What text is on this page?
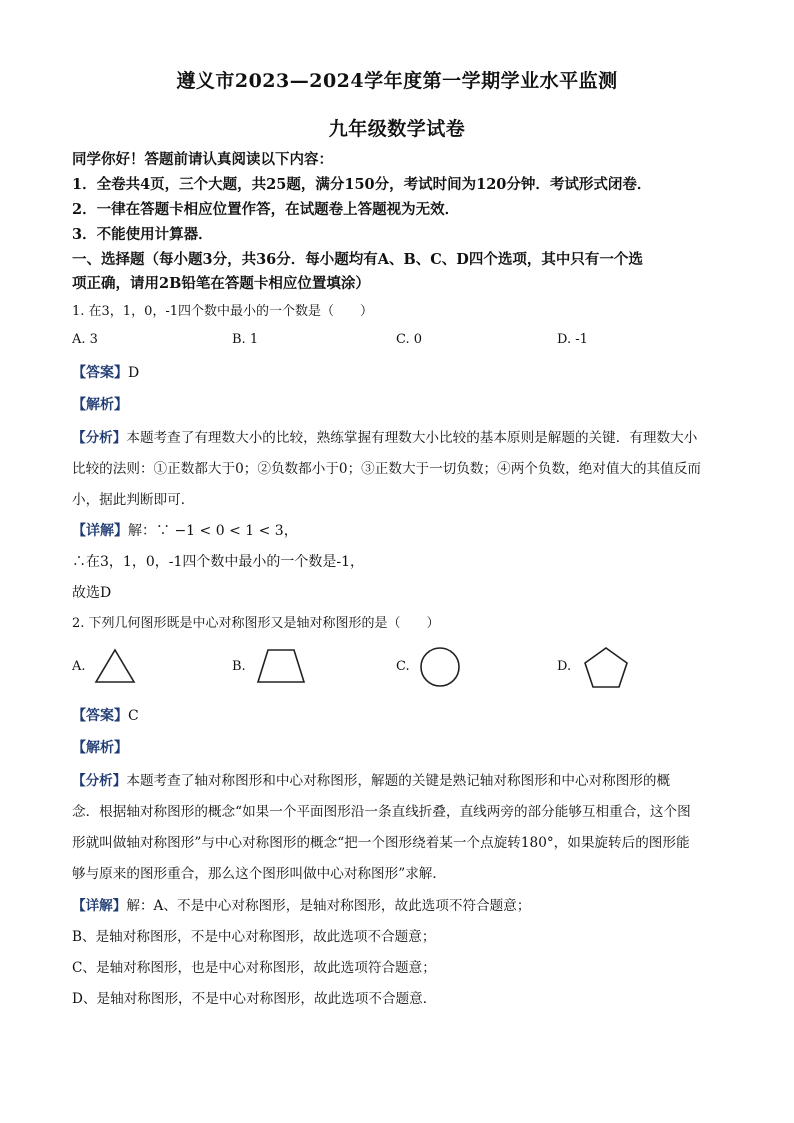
遵义市2023—2024学年度第一学期学业水平监测
九年级数学试卷
同学你好！答题前请认真阅读以下内容：
1．全卷共4页，三个大题，共25题，满分150分，考试时间为120分钟．考试形式闭卷．
2．一律在答题卡相应位置作答，在试题卷上答题视为无效．
3．不能使用计算器．
一、选择题（每小题3分，共36分．每小题均有A、B、C、D四个选项，其中只有一个选
项正确，请用2B铅笔在答题卡相应位置填涂）
1. 在3，1，0，-1四个数中最小的一个数是（　　）
A. 3	B. 1	C. 0	D. -1
【答案】D
【解析】
【分析】本题考查了有理数大小的比较，熟练掌握有理数大小比较的基本原则是解题的关键．有理数大小
比较的法则：①正数都大于0；②负数都小于0；③正数大于一切负数；④两个负数，绝对值大的其值反而
小，据此判断即可．
【详解】解：∵ −1 < 0 < 1 < 3，
∴在3，1，0，-1四个数中最小的一个数是-1，
故选D
2. 下列几何图形既是中心对称图形又是轴对称图形的是（　　）
A.	B.	C.	D.
【答案】C
【解析】
【分析】本题考查了轴对称图形和中心对称图形，解题的关键是熟记轴对称图形和中心对称图形的概
念．根据轴对称图形的概念“如果一个平面图形沿一条直线折叠，直线两旁的部分能够互相重合，这个图
形就叫做轴对称图形”与中心对称图形的概念“把一个图形绕着某一个点旋转180°，如果旋转后的图形能
够与原来的图形重合，那么这个图形叫做中心对称图形”求解．
【详解】解：A、不是中心对称图形，是轴对称图形，故此选项不符合题意；
B、是轴对称图形，不是中心对称图形，故此选项不合题意；
C、是轴对称图形，也是中心对称图形，故此选项符合题意；
D、是轴对称图形，不是中心对称图形，故此选项不合题意．
